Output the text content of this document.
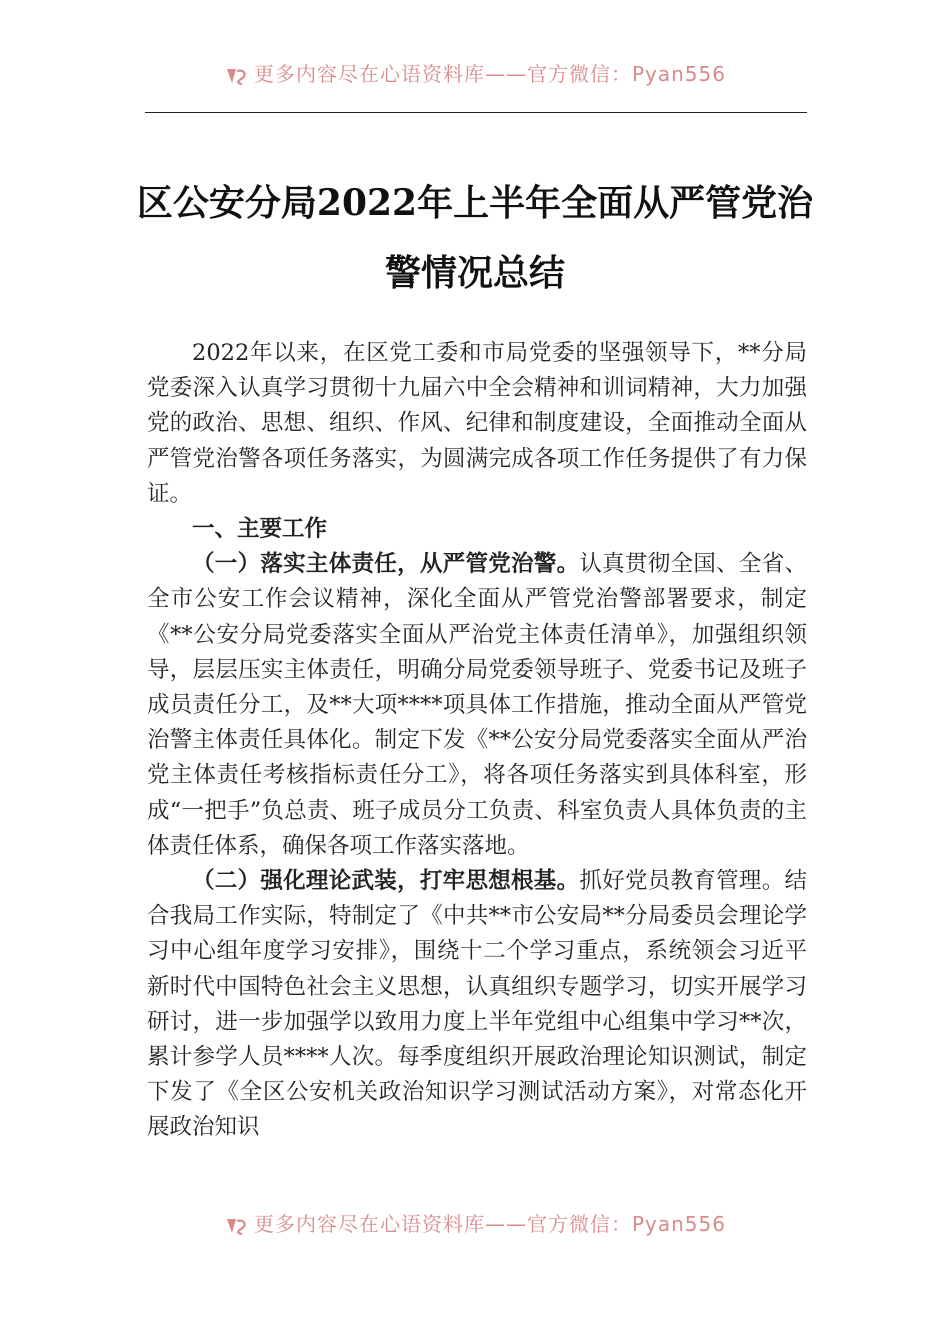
更多内容尽在心语资料库——官方微信：Pyan556
区公安分局2022年上半年全面从严管党治
警情况总结

2022年以来，在区党工委和市局党委的坚强领导下，**分局党委深入认真学习贯彻十九届六中全会精神和训词精神，大力加强党的政治、思想、组织、作风、纪律和制度建设，全面推动全面从严管党治警各项任务落实，为圆满完成各项工作任务提供了有力保证。

一、主要工作

（一）落实主体责任，从严管党治警。认真贯彻全国、全省、全市公安工作会议精神，深化全面从严管党治警部署要求，制定《**公安分局党委落实全面从严治党主体责任清单》，加强组织领导，层层压实主体责任，明确分局党委领导班子、党委书记及班子成员责任分工，及**大项****项具体工作措施，推动全面从严管党治警主体责任具体化。制定下发《**公安分局党委落实全面从严治党主体责任考核指标责任分工》，将各项任务落实到具体科室，形成“一把手”负总责、班子成员分工负责、科室负责人具体负责的主体责任体系，确保各项工作落实落地。

（二）强化理论武装，打牢思想根基。抓好党员教育管理。结合我局工作实际，特制定了《中共**市公安局**分局委员会理论学习中心组年度学习安排》，围绕十二个学习重点，系统领会习近平新时代中国特色社会主义思想，认真组织专题学习，切实开展学习研讨，进一步加强学以致用力度上半年党组中心组集中学习**次，累计参学人员****人次。每季度组织开展政治理论知识测试，制定下发了《全区公安机关政治知识学习测试活动方案》，对常态化开展政治知识

更多内容尽在心语资料库——官方微信：Pyan556
